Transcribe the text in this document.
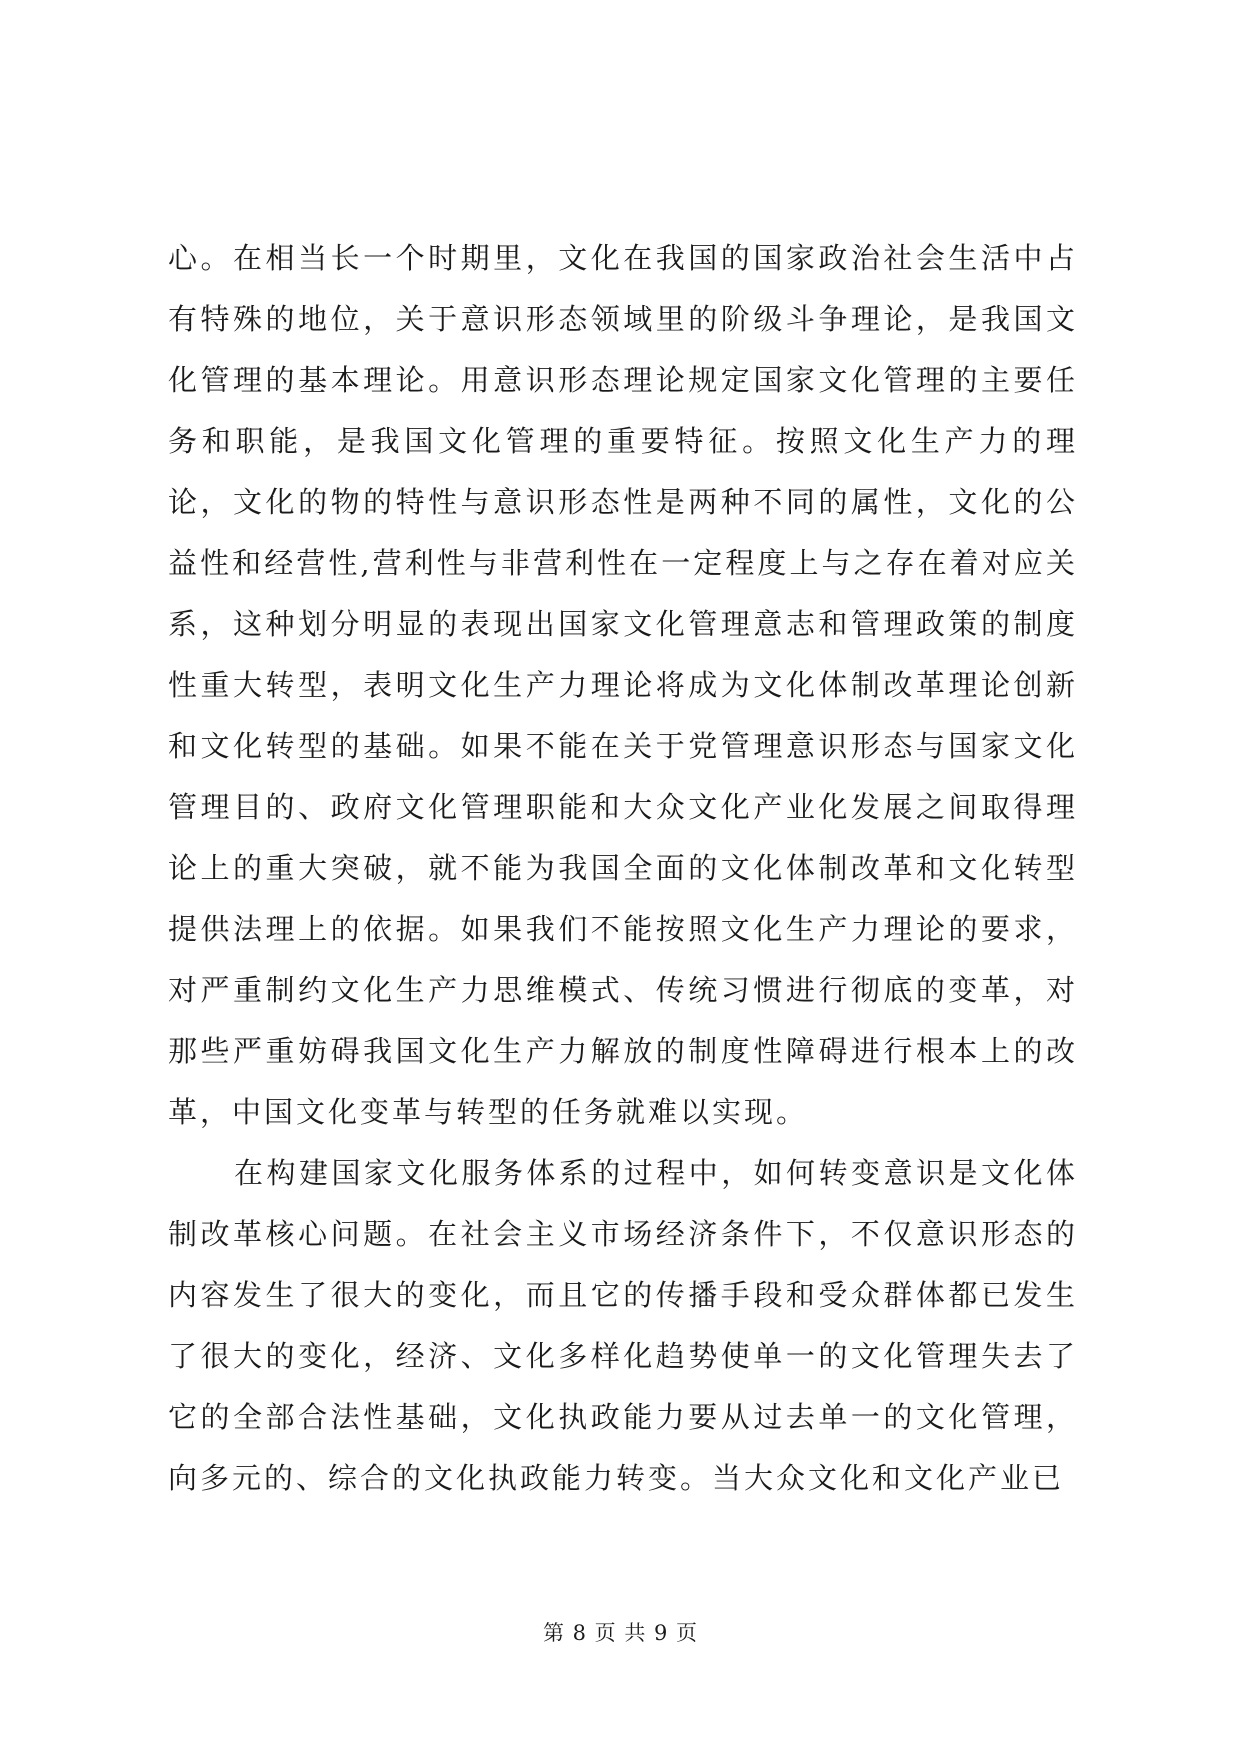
心。在相当长一个时期里，文化在我国的国家政治社会生活中占有特殊的地位，关于意识形态领域里的阶级斗争理论，是我国文化管理的基本理论。用意识形态理论规定国家文化管理的主要任务和职能，是我国文化管理的重要特征。按照文化生产力的理论，文化的物的特性与意识形态性是两种不同的属性，文化的公益性和经营性,营利性与非营利性在一定程度上与之存在着对应关系，这种划分明显的表现出国家文化管理意志和管理政策的制度性重大转型，表明文化生产力理论将成为文化体制改革理论创新和文化转型的基础。如果不能在关于党管理意识形态与国家文化管理目的、政府文化管理职能和大众文化产业化发展之间取得理论上的重大突破，就不能为我国全面的文化体制改革和文化转型提供法理上的依据。如果我们不能按照文化生产力理论的要求，对严重制约文化生产力思维模式、传统习惯进行彻底的变革，对那些严重妨碍我国文化生产力解放的制度性障碍进行根本上的改革，中国文化变革与转型的任务就难以实现。

在构建国家文化服务体系的过程中，如何转变意识是文化体制改革核心问题。在社会主义市场经济条件下，不仅意识形态的内容发生了很大的变化，而且它的传播手段和受众群体都已发生了很大的变化，经济、文化多样化趋势使单一的文化管理失去了它的全部合法性基础，文化执政能力要从过去单一的文化管理，向多元的、综合的文化执政能力转变。当大众文化和文化产业已

第 8 页 共 9 页
